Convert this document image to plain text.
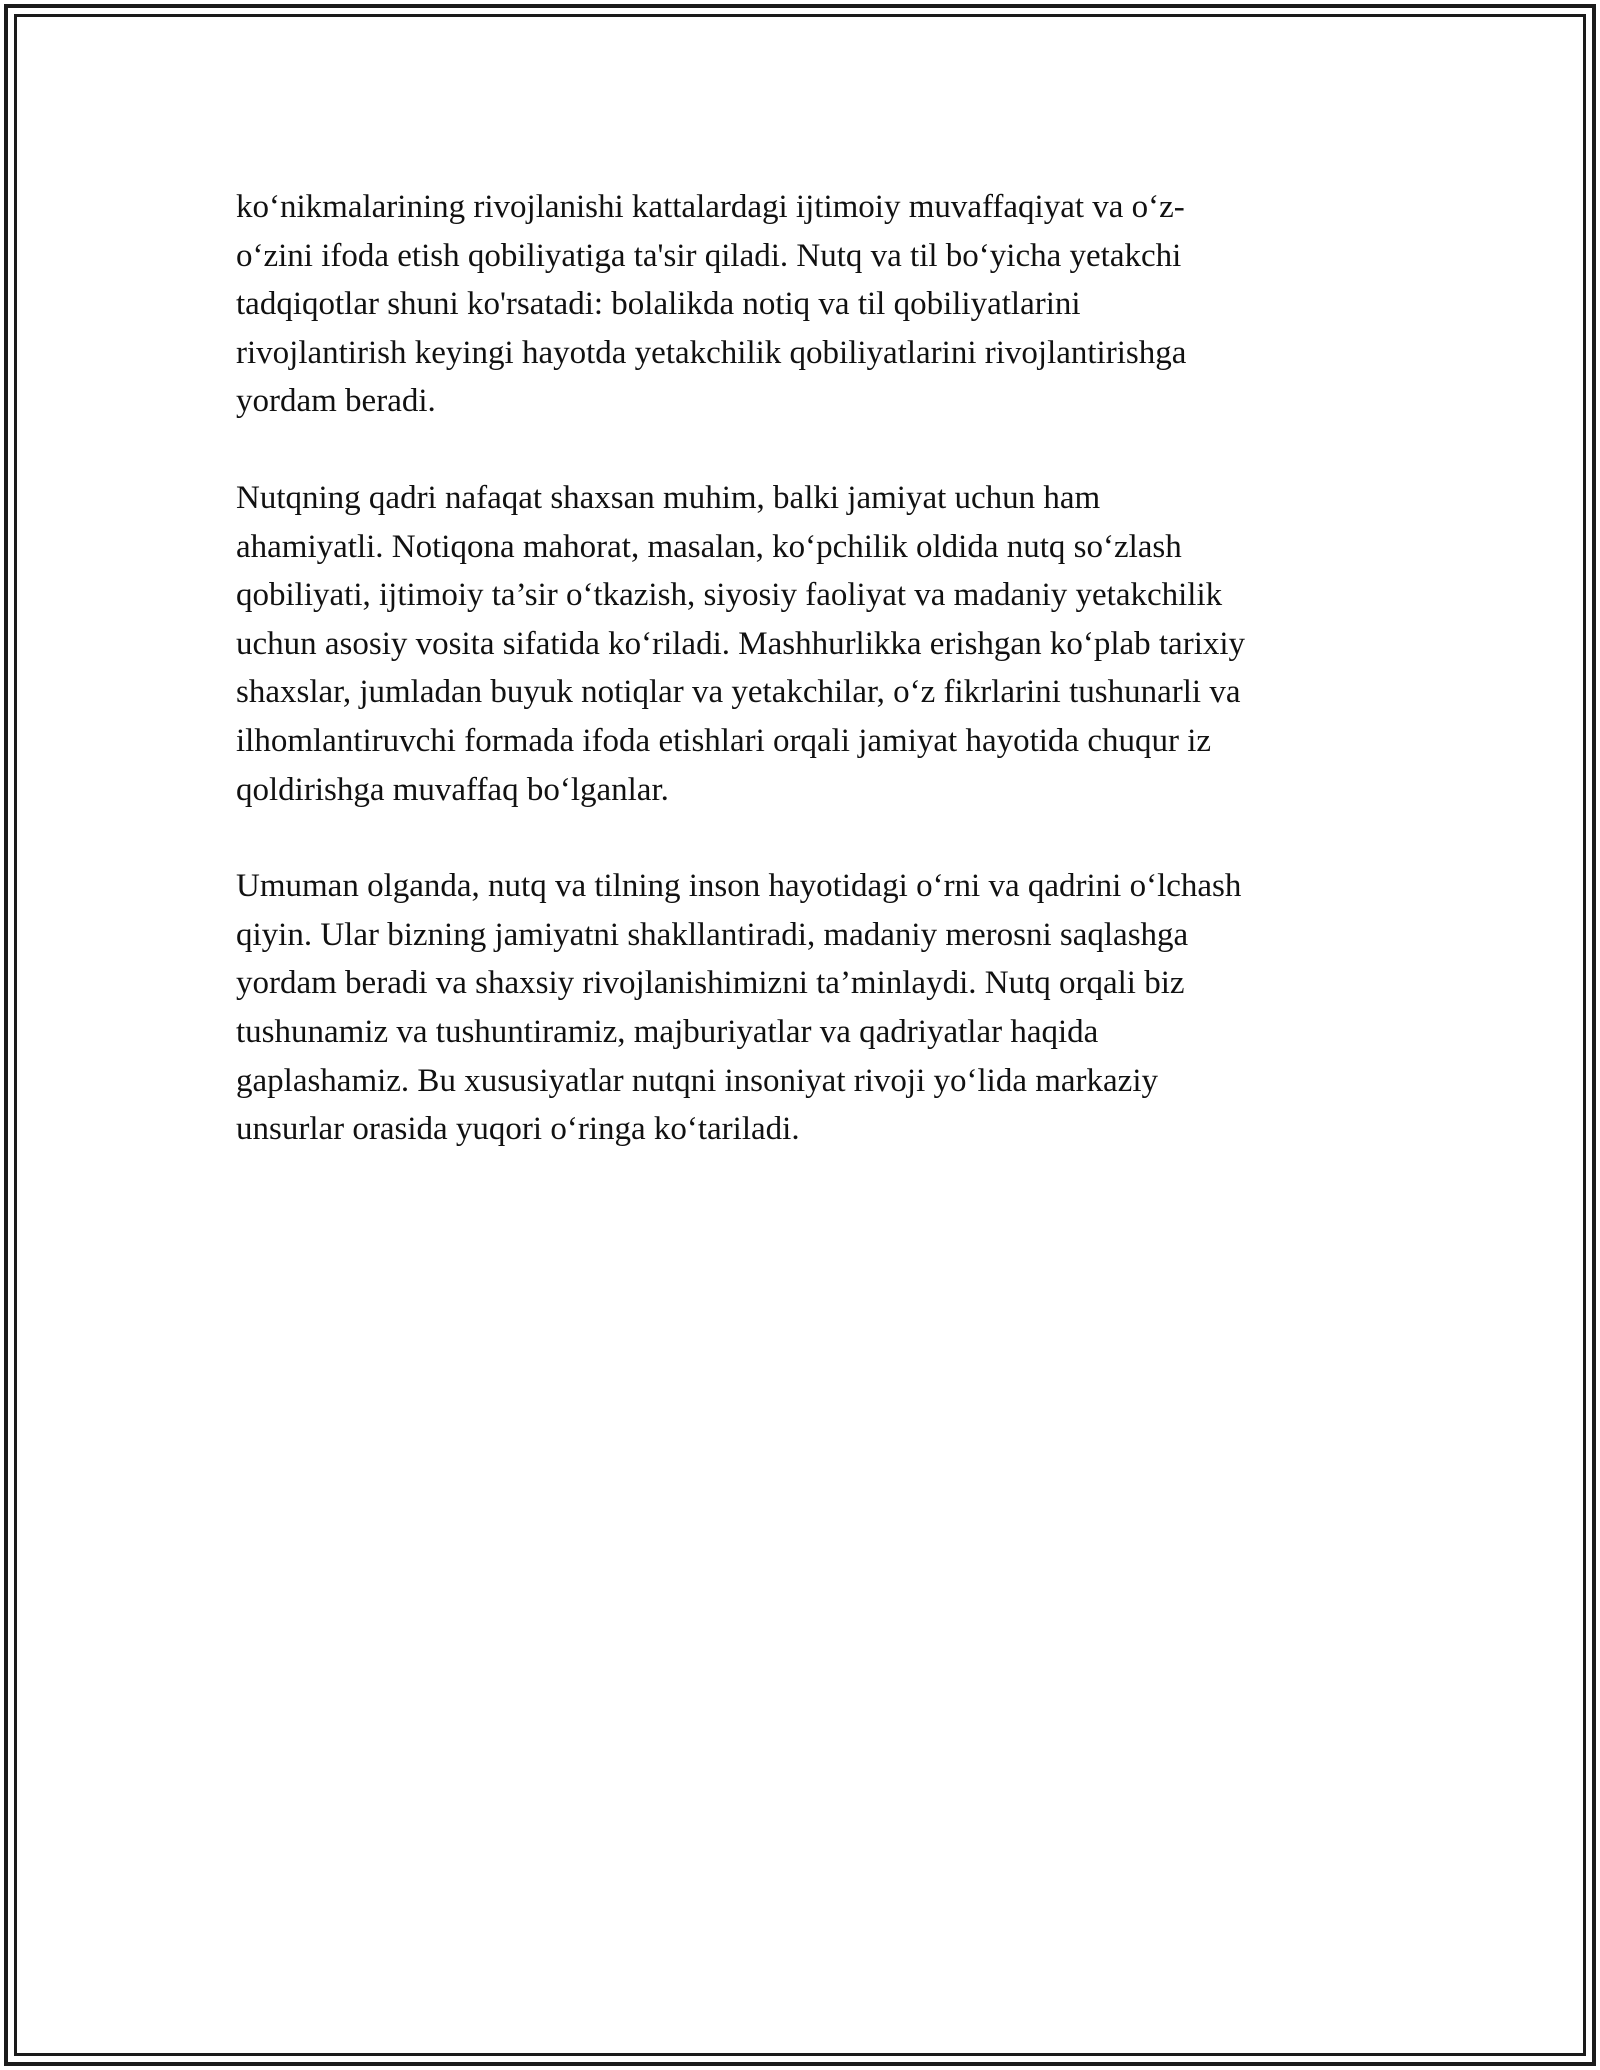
ko‘nikmalarining rivojlanishi kattalardagi ijtimoiy muvaffaqiyat va o‘z-
o‘zini ifoda etish qobiliyatiga ta'sir qiladi. Nutq va til bo‘yicha yetakchi
tadqiqotlar shuni ko'rsatadi: bolalikda notiq va til qobiliyatlarini
rivojlantirish keyingi hayotda yetakchilik qobiliyatlarini rivojlantirishga
yordam beradi.

Nutqning qadri nafaqat shaxsan muhim, balki jamiyat uchun ham
ahamiyatli. Notiqona mahorat, masalan, ko‘pchilik oldida nutq so‘zlash
qobiliyati, ijtimoiy ta’sir o‘tkazish, siyosiy faoliyat va madaniy yetakchilik
uchun asosiy vosita sifatida ko‘riladi. Mashhurlikka erishgan ko‘plab tarixiy
shaxslar, jumladan buyuk notiqlar va yetakchilar, o‘z fikrlarini tushunarli va
ilhomlantiruvchi formada ifoda etishlari orqali jamiyat hayotida chuqur iz
qoldirishga muvaffaq bo‘lganlar.

Umuman olganda, nutq va tilning inson hayotidagi o‘rni va qadrini o‘lchash
qiyin. Ular bizning jamiyatni shakllantiradi, madaniy merosni saqlashga
yordam beradi va shaxsiy rivojlanishimizni ta’minlaydi. Nutq orqali biz
tushunamiz va tushuntiramiz, majburiyatlar va qadriyatlar haqida
gaplashamiz. Bu xususiyatlar nutqni insoniyat rivoji yo‘lida markaziy
unsurlar orasida yuqori o‘ringa ko‘tariladi.
